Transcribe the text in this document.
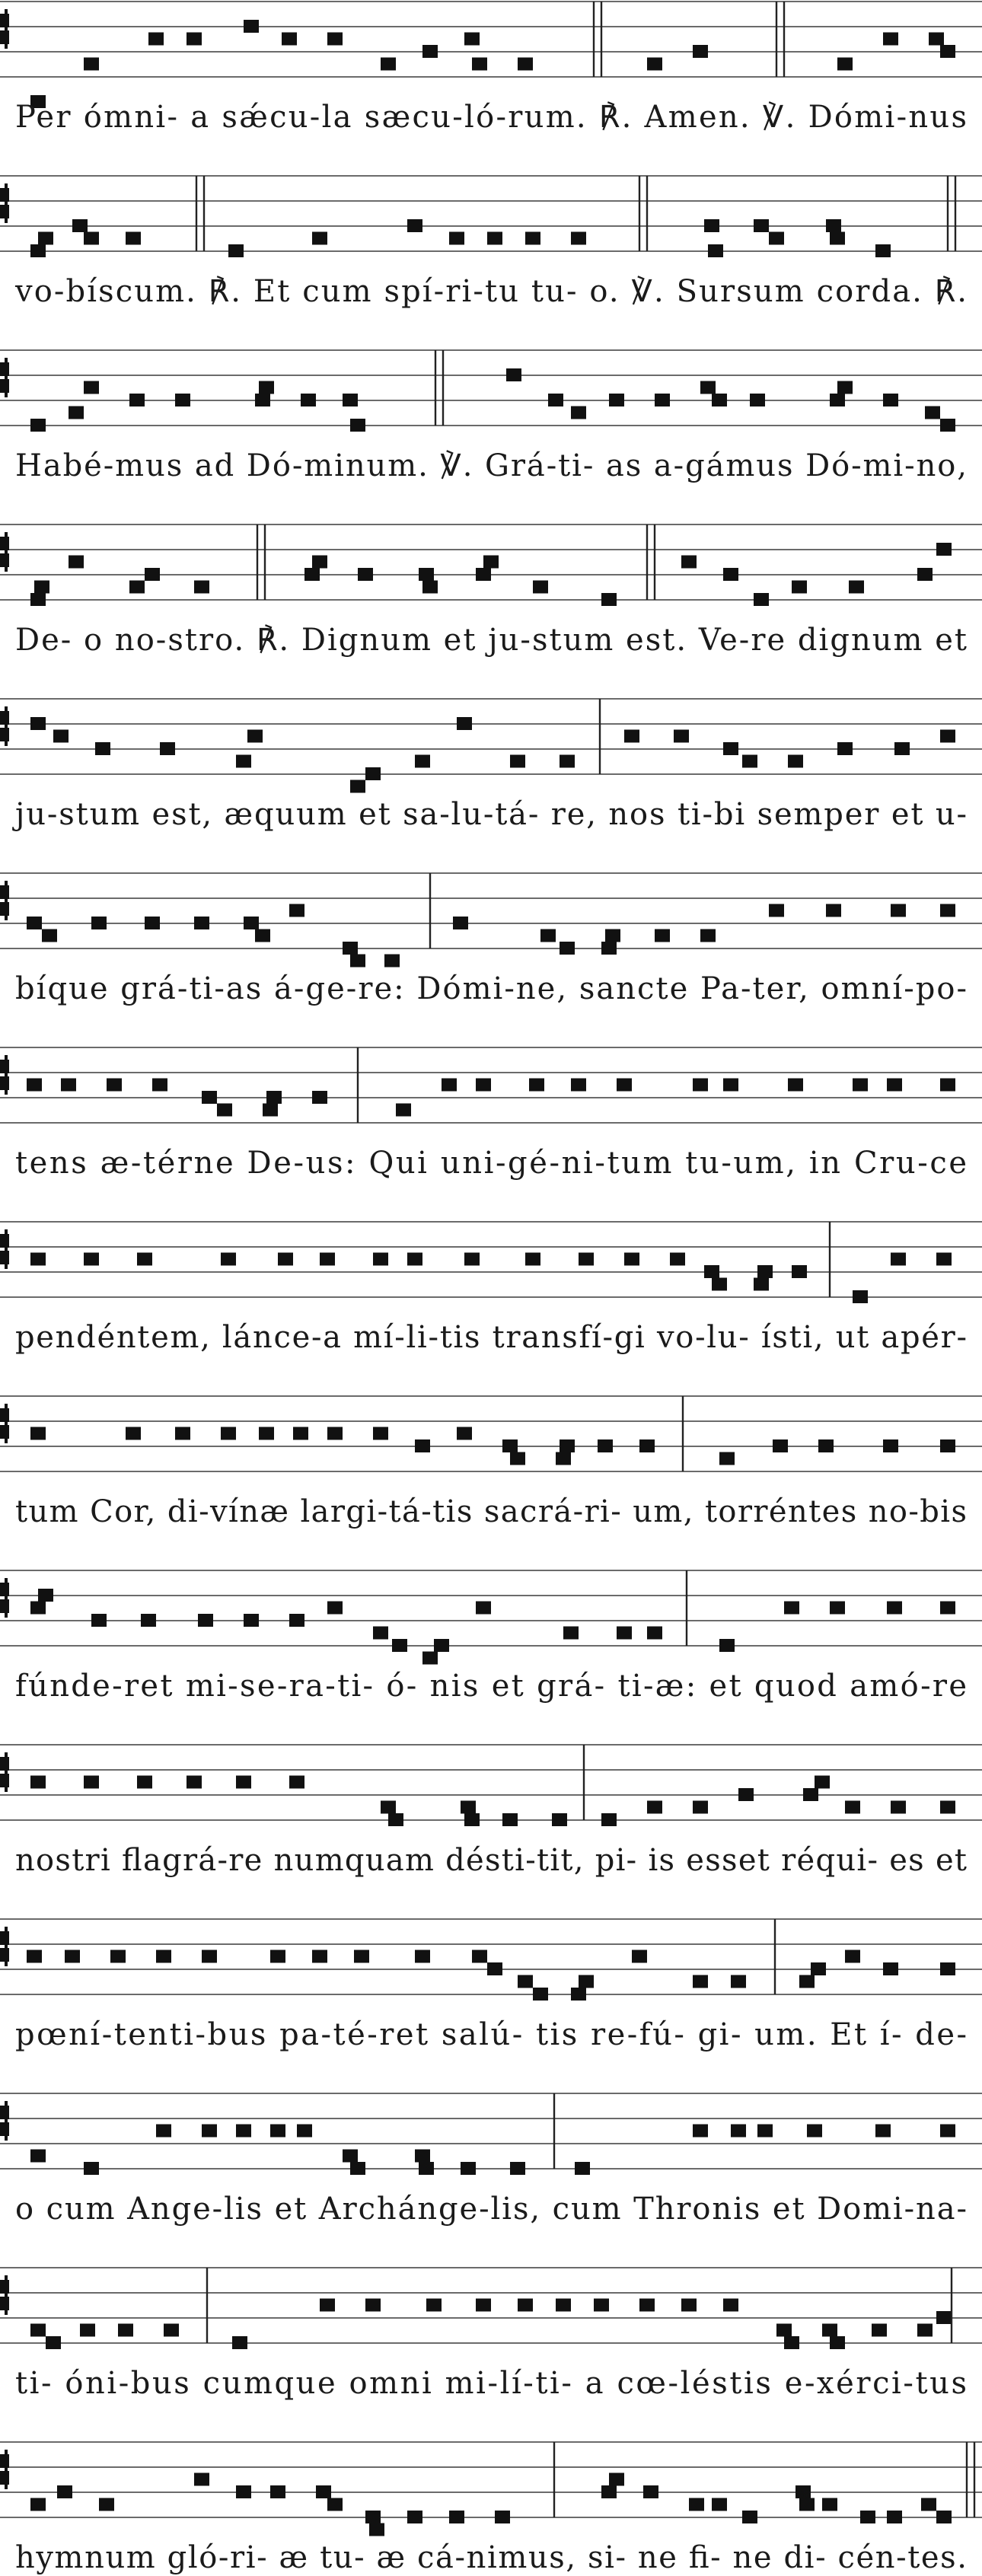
Per ómni- a sǽcu-la sæcu-ló-rum. ℟. Amen. ℣. Dómi-nus
vo-bíscum. ℟. Et cum spí-ri-tu tu- o. ℣. Sursum corda. ℟.
Habé-mus ad Dó-minum. ℣. Grá-ti- as a-gámus Dó-mi-no,
De- o no-stro. ℟. Dignum et ju-stum est. Ve-re dignum et
ju-stum est, æquum et sa-lu-tá- re, nos ti-bi semper et u-
bíque grá-ti-as á-ge-re: Dómi-ne, sancte Pa-ter, omní-po-
tens æ-térne De-us: Qui uni-gé-ni-tum tu-um, in Cru-ce
pendéntem, lánce-a mí-li-tis transfí-gi vo-lu- ísti, ut apér-
tum Cor, di-vínæ largi-tá-tis sacrá-ri- um, torréntes no-bis
fúnde-ret mi-se-ra-ti- ó- nis et grá- ti-æ: et quod amó-re
nostri flagrá-re numquam désti-tit, pi- is esset réqui- es et
pœní-tenti-bus pa-té-ret salú- tis re-fú- gi- um. Et í- de-
o cum Ange-lis et Archánge-lis, cum Thronis et Domi-na-
ti- óni-bus cumque omni mi-lí-ti- a cœ-léstis e-xérci-tus
hymnum gló-ri- æ tu- æ cá-nimus, si- ne fi- ne di- cén-tes.
